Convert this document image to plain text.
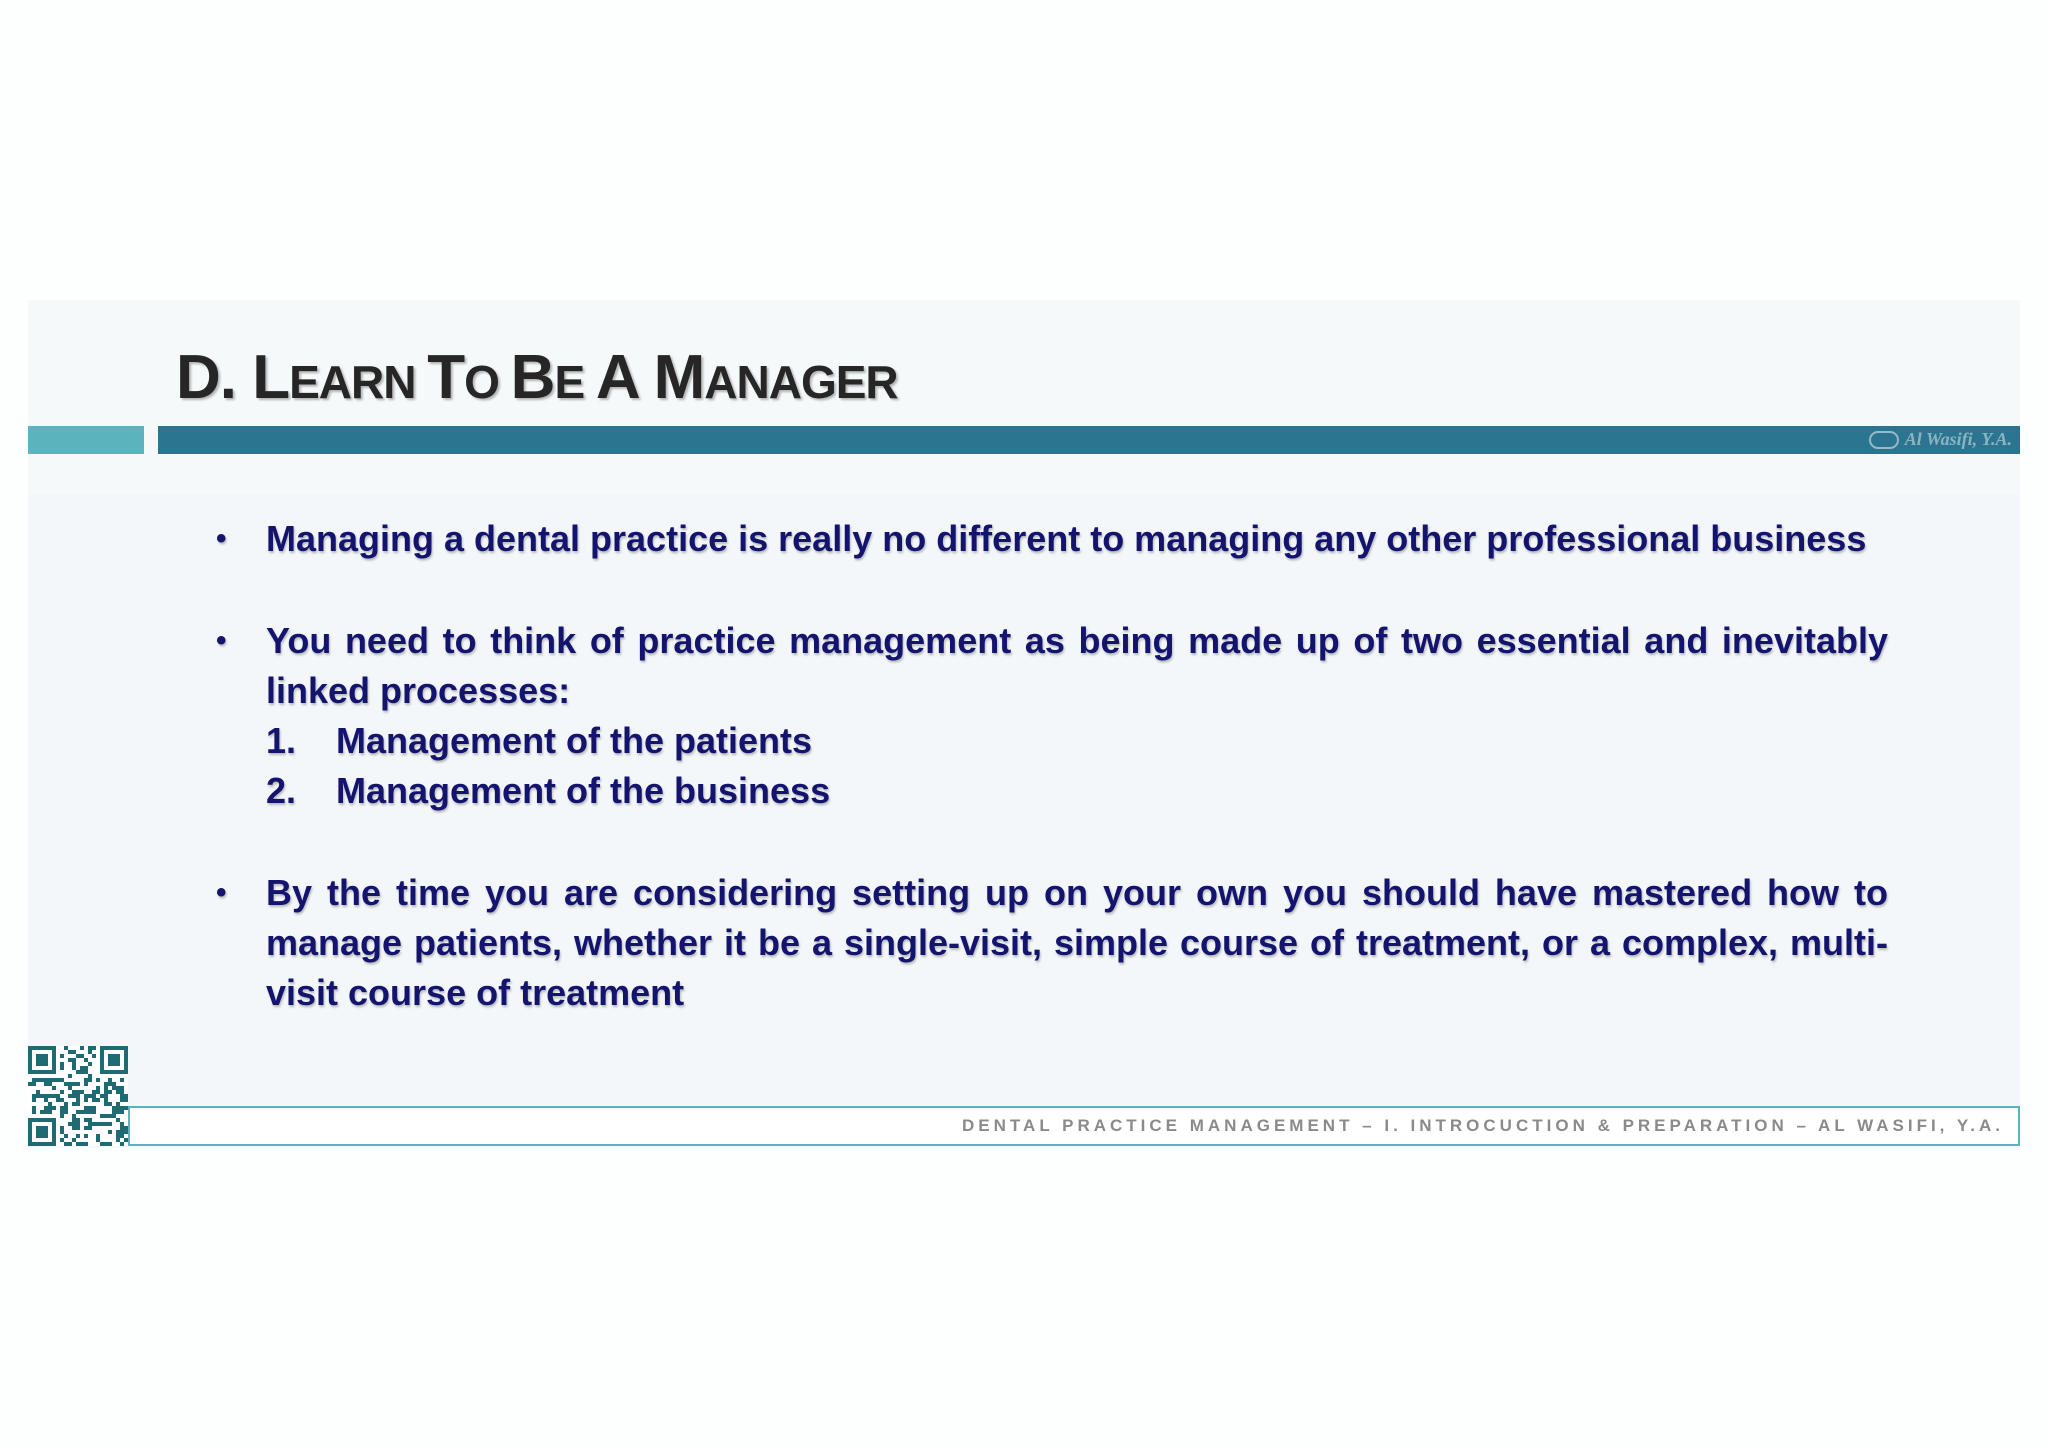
D. LEARN TO BE A MANAGER
Al Wasifi, Y.A.
• Managing a dental practice is really no different to managing any other professional business
• You need to think of practice management as being made up of two essential and inevitably linked processes:
1.	Management of the patients
2.	Management of the business
• By the time you are considering setting up on your own you should have mastered how to manage patients, whether it be a single-visit, simple course of treatment, or a complex, multi-visit course of treatment
DENTAL PRACTICE MANAGEMENT – I. INTROCUCTION & PREPARATION – AL WASIFI, Y.A.
